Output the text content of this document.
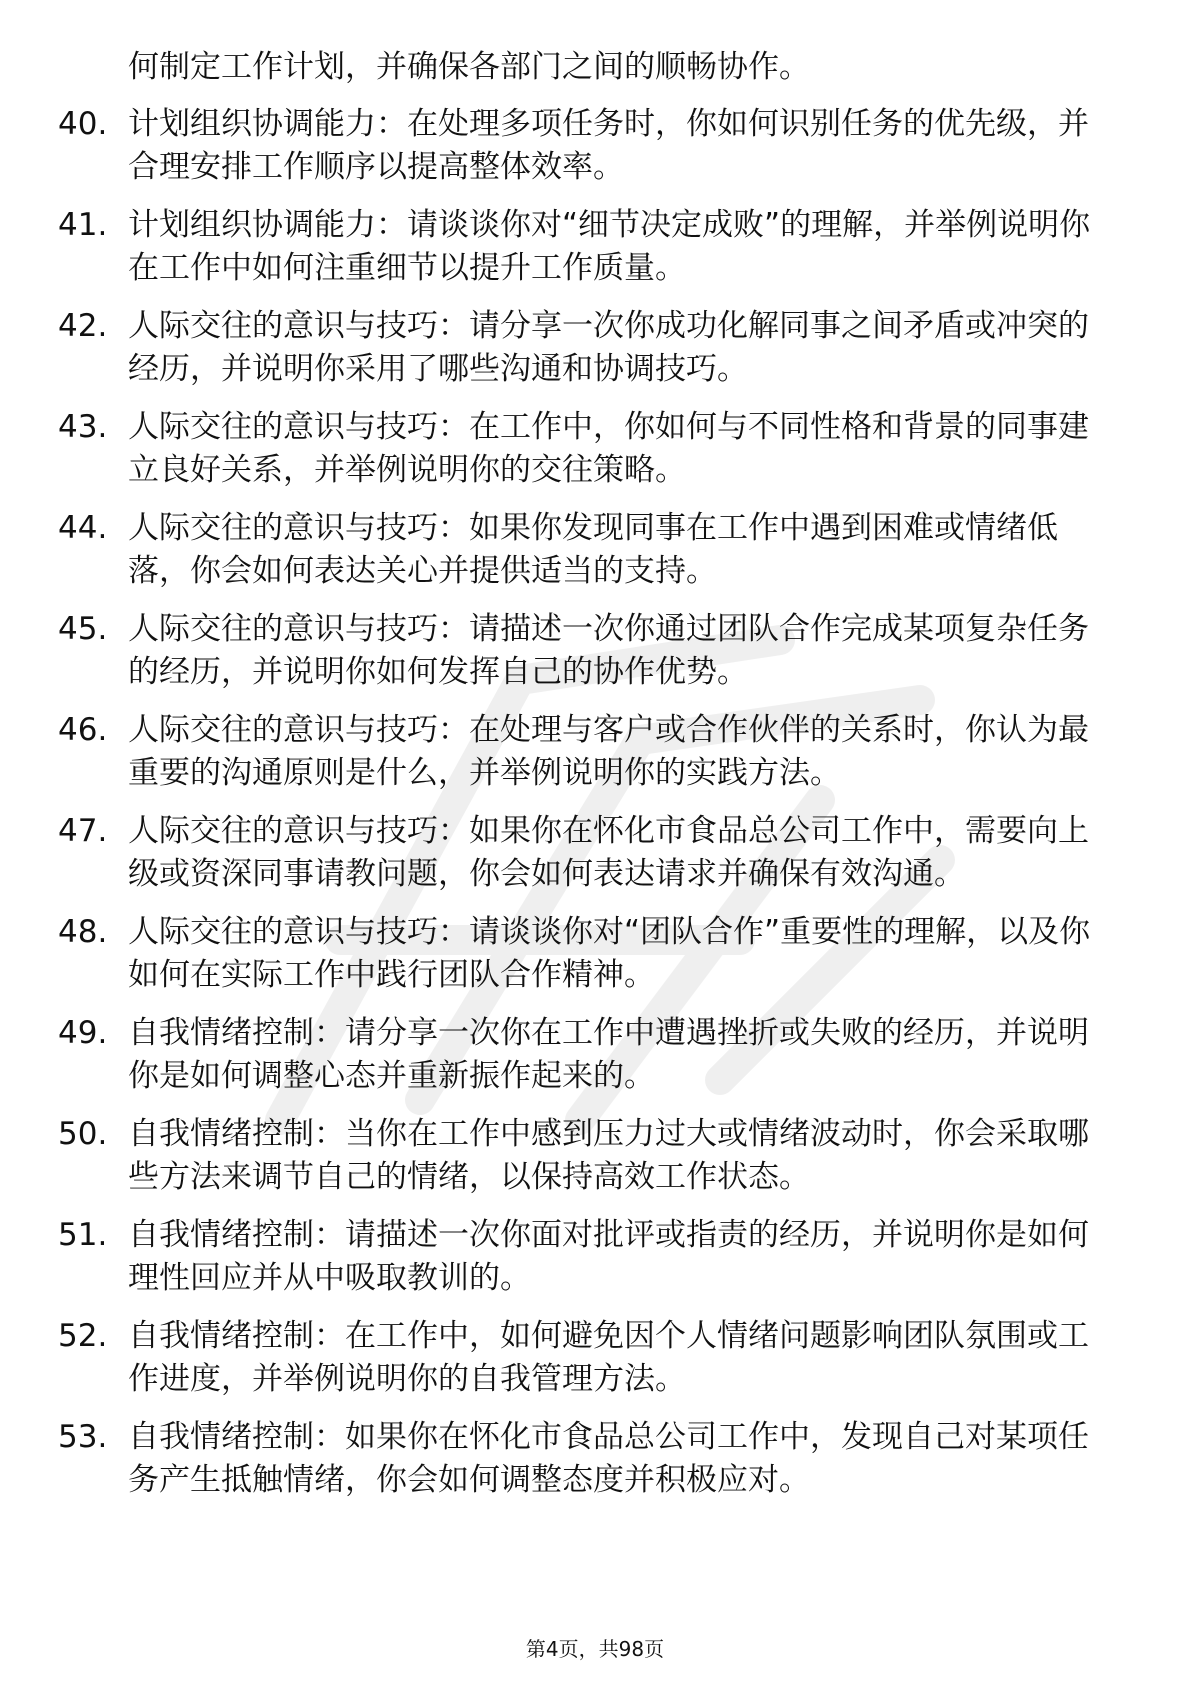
何制定工作计划，并确保各部门之间的顺畅协作。
40. 计划组织协调能力：在处理多项任务时，你如何识别任务的优先级，并合理安排工作顺序以提高整体效率。
41. 计划组织协调能力：请谈谈你对“细节决定成败”的理解，并举例说明你在工作中如何注重细节以提升工作质量。
42. 人际交往的意识与技巧：请分享一次你成功化解同事之间矛盾或冲突的经历，并说明你采用了哪些沟通和协调技巧。
43. 人际交往的意识与技巧：在工作中，你如何与不同性格和背景的同事建立良好关系，并举例说明你的交往策略。
44. 人际交往的意识与技巧：如果你发现同事在工作中遇到困难或情绪低落，你会如何表达关心并提供适当的支持。
45. 人际交往的意识与技巧：请描述一次你通过团队合作完成某项复杂任务的经历，并说明你如何发挥自己的协作优势。
46. 人际交往的意识与技巧：在处理与客户或合作伙伴的关系时，你认为最重要的沟通原则是什么，并举例说明你的实践方法。
47. 人际交往的意识与技巧：如果你在怀化市食品总公司工作中，需要向上级或资深同事请教问题，你会如何表达请求并确保有效沟通。
48. 人际交往的意识与技巧：请谈谈你对“团队合作”重要性的理解，以及你如何在实际工作中践行团队合作精神。
49. 自我情绪控制：请分享一次你在工作中遭遇挫折或失败的经历，并说明你是如何调整心态并重新振作起来的。
50. 自我情绪控制：当你在工作中感到压力过大或情绪波动时，你会采取哪些方法来调节自己的情绪，以保持高效工作状态。
51. 自我情绪控制：请描述一次你面对批评或指责的经历，并说明你是如何理性回应并从中吸取教训的。
52. 自我情绪控制：在工作中，如何避免因个人情绪问题影响团队氛围或工作进度，并举例说明你的自我管理方法。
53. 自我情绪控制：如果你在怀化市食品总公司工作中，发现自己对某项任务产生抵触情绪，你会如何调整态度并积极应对。
第4页，共98页
